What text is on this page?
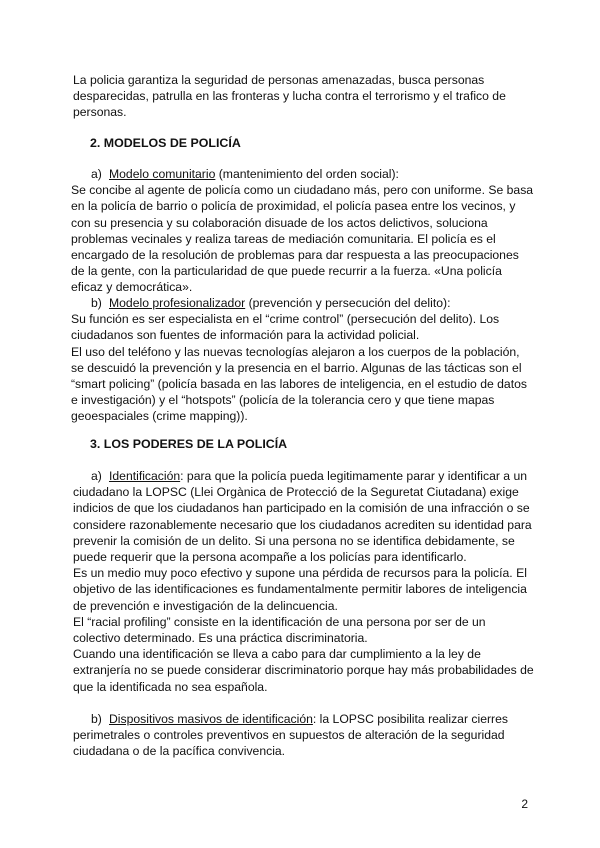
La policia garantiza la seguridad de personas amenazadas, busca personas desparecidas, patrulla en las fronteras y lucha contra el terrorismo y el trafico de personas.

2. MODELOS DE POLICÍA

a) Modelo comunitario (mantenimiento del orden social):

Se concibe al agente de policía como un ciudadano más, pero con uniforme. Se basa en la policía de barrio o policía de proximidad, el policía pasea entre los vecinos, y con su presencia y su colaboración disuade de los actos delictivos, soluciona problemas vecinales y realiza tareas de mediación comunitaria. El policía es el encargado de la resolución de problemas para dar respuesta a las preocupaciones de la gente, con la particularidad de que puede recurrir a la fuerza. «Una policía eficaz y democrática».

b) Modelo profesionalizador (prevención y persecución del delito):

Su función es ser especialista en el “crime control” (persecución del delito). Los ciudadanos son fuentes de información para la actividad policial.

El uso del teléfono y las nuevas tecnologías alejaron a los cuerpos de la población, se descuidó la prevención y la presencia en el barrio. Algunas de las tácticas son el “smart policing” (policía basada en las labores de inteligencia, en el estudio de datos e investigación) y el “hotspots” (policía de la tolerancia cero y que tiene mapas geoespaciales (crime mapping)).

3. LOS PODERES DE LA POLICÍA

a) Identificación: para que la policía pueda legitimamente parar y identificar a un ciudadano la LOPSC (Llei Orgànica de Protecció de la Seguretat Ciutadana) exige indicios de que los ciudadanos han participado en la comisión de una infracción o se considere razonablemente necesario que los ciudadanos acrediten su identidad para prevenir la comisión de un delito. Si una persona no se identifica debidamente, se puede requerir que la persona acompañe a los policías para identificarlo.

Es un medio muy poco efectivo y supone una pérdida de recursos para la policía. El objetivo de las identificaciones es fundamentalmente permitir labores de inteligencia de prevención e investigación de la delincuencia.

El “racial profiling” consiste en la identificación de una persona por ser de un colectivo determinado. Es una práctica discriminatoria.

Cuando una identificación se lleva a cabo para dar cumplimiento a la ley de extranjería no se puede considerar discriminatorio porque hay más probabilidades de que la identificada no sea española.

b) Dispositivos masivos de identificación: la LOPSC posibilita realizar cierres perimetrales o controles preventivos en supuestos de alteración de la seguridad ciudadana o de la pacífica convivencia.

2
